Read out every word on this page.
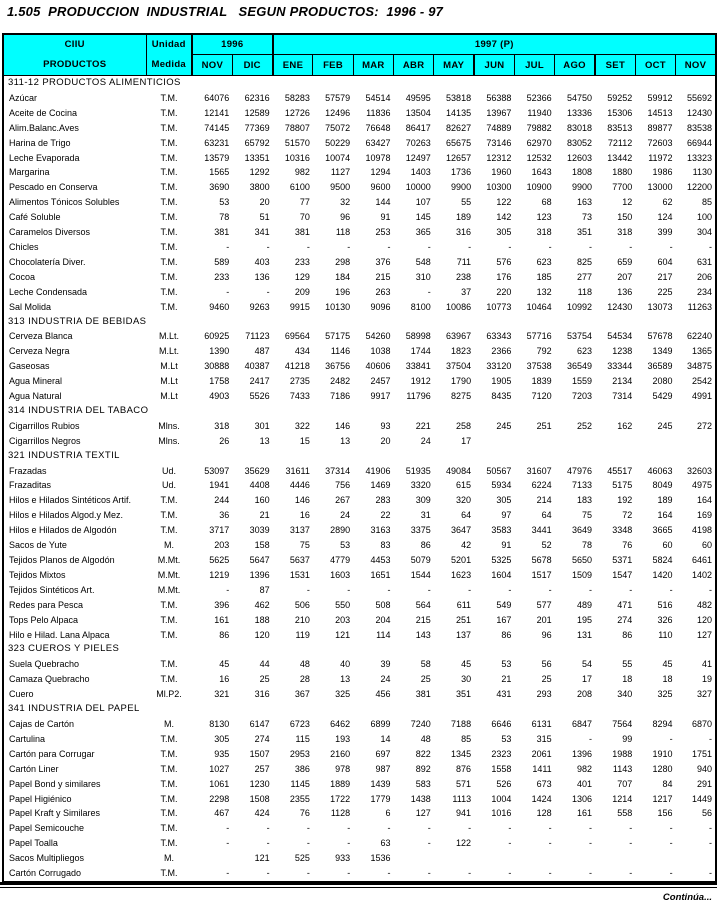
1.505  PRODUCCION  INDUSTRIAL   SEGUN PRODUCTOS:  1996 - 97
CIIU
PRODUCTOS

Unidad
Medida
	1996	1997 (P)
		NOV	DIC	ENE	FEB	MAR	ABR	MAY	JUN	JUL	AGO	SET	OCT	NOV
311-12 PRODUCTOS ALIMENTICIOS														
Azúcar	T.M.	64076	62316	58283	57579	54514	49595	53818	56388	52366	54750	59252	59912	55692
Aceite de Cocina	T.M.	12141	12589	12726	12496	11836	13504	14135	13967	11940	13336	15306	14513	12430
Alim.Balanc.Aves	T.M.	74145	77369	78807	75072	76648	86417	82627	74889	79882	83018	83513	89877	83538
Harina de Trigo	T.M.	63231	65792	51570	50229	63427	70263	65675	73146	62970	83052	72112	72603	66944
Leche Evaporada	T.M.	13579	13351	10316	10074	10978	12497	12657	12312	12532	12603	13442	11972	13323
Margarina	T.M.	1565	1292	982	1127	1294	1403	1736	1960	1643	1808	1880	1986	1130
Pescado en Conserva	T.M.	3690	3800	6100	9500	9600	10000	9900	10300	10900	9900	7700	13000	12200
Alimentos Tónicos Solubles	T.M.	53	20	77	32	144	107	55	122	68	163	12	62	85
Café Soluble	T.M.	78	51	70	96	91	145	189	142	123	73	150	124	100
Caramelos Diversos	T.M.	381	341	381	118	253	365	316	305	318	351	318	399	304
Chicles	T.M.	-	-	-	-	-	-	-	-	-	-	-	-	-
Chocolatería Diver.	T.M.	589	403	233	298	376	548	711	576	623	825	659	604	631
Cocoa	T.M.	233	136	129	184	215	310	238	176	185	277	207	217	206
Leche Condensada	T.M.	-	-	209	196	263	-	37	220	132	118	136	225	234
Sal Molida	T.M.	9460	9263	9915	10130	9096	8100	10086	10773	10464	10992	12430	13073	11263
313 INDUSTRIA DE BEBIDAS														
Cerveza Blanca	M.Lt.	60925	71123	69564	57175	54260	58998	63967	63343	57716	53754	54534	57678	62240
Cerveza Negra	M.Lt.	1390	487	434	1146	1038	1744	1823	2366	792	623	1238	1349	1365
Gaseosas	M.Lt	30888	40387	41218	36756	40606	33841	37504	33120	37538	36549	33344	36589	34875
Agua Mineral	M.Lt	1758	2417	2735	2482	2457	1912	1790	1905	1839	1559	2134	2080	2542
Agua Natural	M.Lt	4903	5526	7433	7186	9917	11796	8275	8435	7120	7203	7314	5429	4991
314 INDUSTRIA DEL TABACO														
Cigarrillos Rubios	Mlns.	318	301	322	146	93	221	258	245	251	252	162	245	272
Cigarrillos Negros	Mlns.	26	13	15	13	20	24	17						
321 INDUSTRIA TEXTIL														
Frazadas	Ud.	53097	35629	31611	37314	41906	51935	49084	50567	31607	47976	45517	46063	32603
Frazaditas	Ud.	1941	4408	4446	756	1469	3320	615	5934	6224	7133	5175	8049	4975
Hilos e Hilados Sintéticos Artif.	T.M.	244	160	146	267	283	309	320	305	214	183	192	189	164
Hilos e Hilados Algod.y Mez.	T.M.	36	21	16	24	22	31	64	97	64	75	72	164	169
Hilos e Hilados de Algodón	T.M.	3717	3039	3137	2890	3163	3375	3647	3583	3441	3649	3348	3665	4198
Sacos de Yute	M.	203	158	75	53	83	86	42	91	52	78	76	60	60
Tejidos Planos de Algodón	M.Mt.	5625	5647	5637	4779	4453	5079	5201	5325	5678	5650	5371	5824	6461
Tejidos Mixtos	M.Mt.	1219	1396	1531	1603	1651	1544	1623	1604	1517	1509	1547	1420	1402
Tejidos Sintéticos Art.	M.Mt.	-	87	-	-	-	-	-	-	-	-	-	-	-
Redes para Pesca	T.M.	396	462	506	550	508	564	611	549	577	489	471	516	482
Tops Pelo Alpaca	T.M.	161	188	210	203	204	215	251	167	201	195	274	326	120
Hilo e Hilad. Lana Alpaca	T.M.	86	120	119	121	114	143	137	86	96	131	86	110	127
323 CUEROS Y PIELES														
Suela Quebracho	T.M.	45	44	48	40	39	58	45	53	56	54	55	45	41
Camaza Quebracho	T.M.	16	25	28	13	24	25	30	21	25	17	18	18	19
Cuero	Ml.P2.	321	316	367	325	456	381	351	431	293	208	340	325	327
341 INDUSTRIA DEL PAPEL														
Cajas de Cartón	M.	8130	6147	6723	6462	6899	7240	7188	6646	6131	6847	7564	8294	6870
Cartulina	T.M.	305	274	115	193	14	48	85	53	315	-	99	-	-
Cartón para Corrugar	T.M.	935	1507	2953	2160	697	822	1345	2323	2061	1396	1988	1910	1751
Cartón Liner	T.M.	1027	257	386	978	987	892	876	1558	1411	982	1143	1280	940
Papel Bond y similares	T.M.	1061	1230	1145	1889	1439	583	571	526	673	401	707	84	291
Papel Higiénico	T.M.	2298	1508	2355	1722	1779	1438	1113	1004	1424	1306	1214	1217	1449
Papel Kraft y Similares	T.M.	467	424	76	1128	6	127	941	1016	128	161	558	156	56
Papel Semicouche	T.M.	-	-	-	-	-	-	-	-	-	-	-	-	-
Papel Toalla	T.M.	-	-	-	-	63	-	122	-	-	-	-	-	-
Sacos Multipliegos	M.		121	525	933	1536								
Cartón Corrugado	T.M.	-	-	-	-	-	-	-	-	-	-	-	-	-
Continúa...
